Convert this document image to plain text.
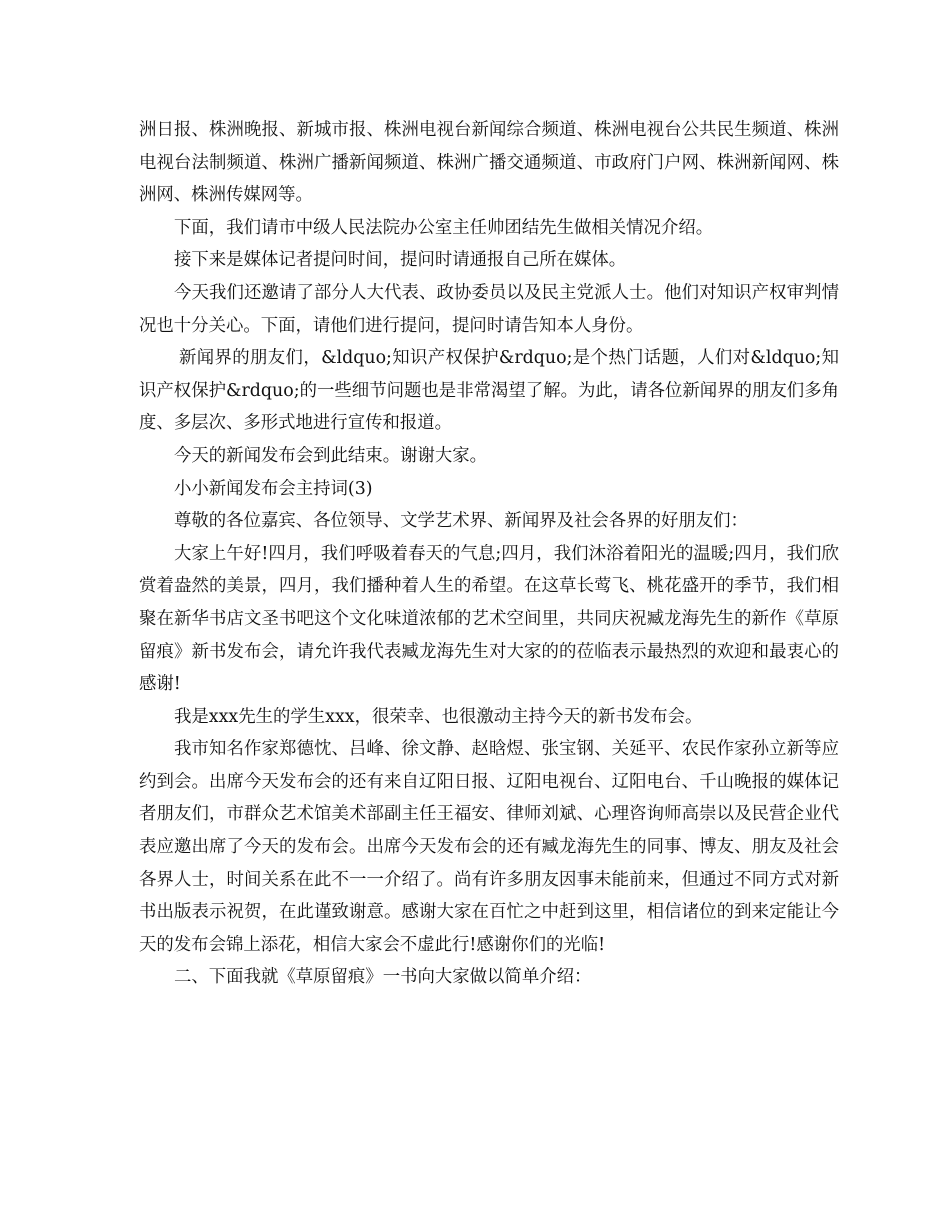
洲日报、株洲晚报、新城市报、株洲电视台新闻综合频道、株洲电视台公共民生频道、株洲电视台法制频道、株洲广播新闻频道、株洲广播交通频道、市政府门户网、株洲新闻网、株洲网、株洲传媒网等。

下面，我们请市中级人民法院办公室主任帅团结先生做相关情况介绍。

接下来是媒体记者提问时间，提问时请通报自己所在媒体。

今天我们还邀请了部分人大代表、政协委员以及民主党派人士。他们对知识产权审判情况也十分关心。下面，请他们进行提问，提问时请告知本人身份。

新闻界的朋友们，&ldquo;知识产权保护&rdquo;是个热门话题，人们对&ldquo;知识产权保护&rdquo;的一些细节问题也是非常渴望了解。为此，请各位新闻界的朋友们多角度、多层次、多形式地进行宣传和报道。

今天的新闻发布会到此结束。谢谢大家。

小小新闻发布会主持词(3)

尊敬的各位嘉宾、各位领导、文学艺术界、新闻界及社会各界的好朋友们：

大家上午好!四月，我们呼吸着春天的气息;四月，我们沐浴着阳光的温暖;四月，我们欣赏着盎然的美景，四月，我们播种着人生的希望。在这草长莺飞、桃花盛开的季节，我们相聚在新华书店文圣书吧这个文化味道浓郁的艺术空间里，共同庆祝臧龙海先生的新作《草原留痕》新书发布会，请允许我代表臧龙海先生对大家的的莅临表示最热烈的欢迎和最衷心的感谢!

我是xxx先生的学生xxx，很荣幸、也很激动主持今天的新书发布会。

我市知名作家郑德忱、吕峰、徐文静、赵晗煜、张宝钢、关延平、农民作家孙立新等应约到会。出席今天发布会的还有来自辽阳日报、辽阳电视台、辽阳电台、千山晚报的媒体记者朋友们，市群众艺术馆美术部副主任王福安、律师刘斌、心理咨询师高崇以及民营企业代表应邀出席了今天的发布会。出席今天发布会的还有臧龙海先生的同事、博友、朋友及社会各界人士，时间关系在此不一一介绍了。尚有许多朋友因事未能前来，但通过不同方式对新书出版表示祝贺，在此谨致谢意。感谢大家在百忙之中赶到这里，相信诸位的到来定能让今天的发布会锦上添花，相信大家会不虚此行!感谢你们的光临!

二、下面我就《草原留痕》一书向大家做以简单介绍：
